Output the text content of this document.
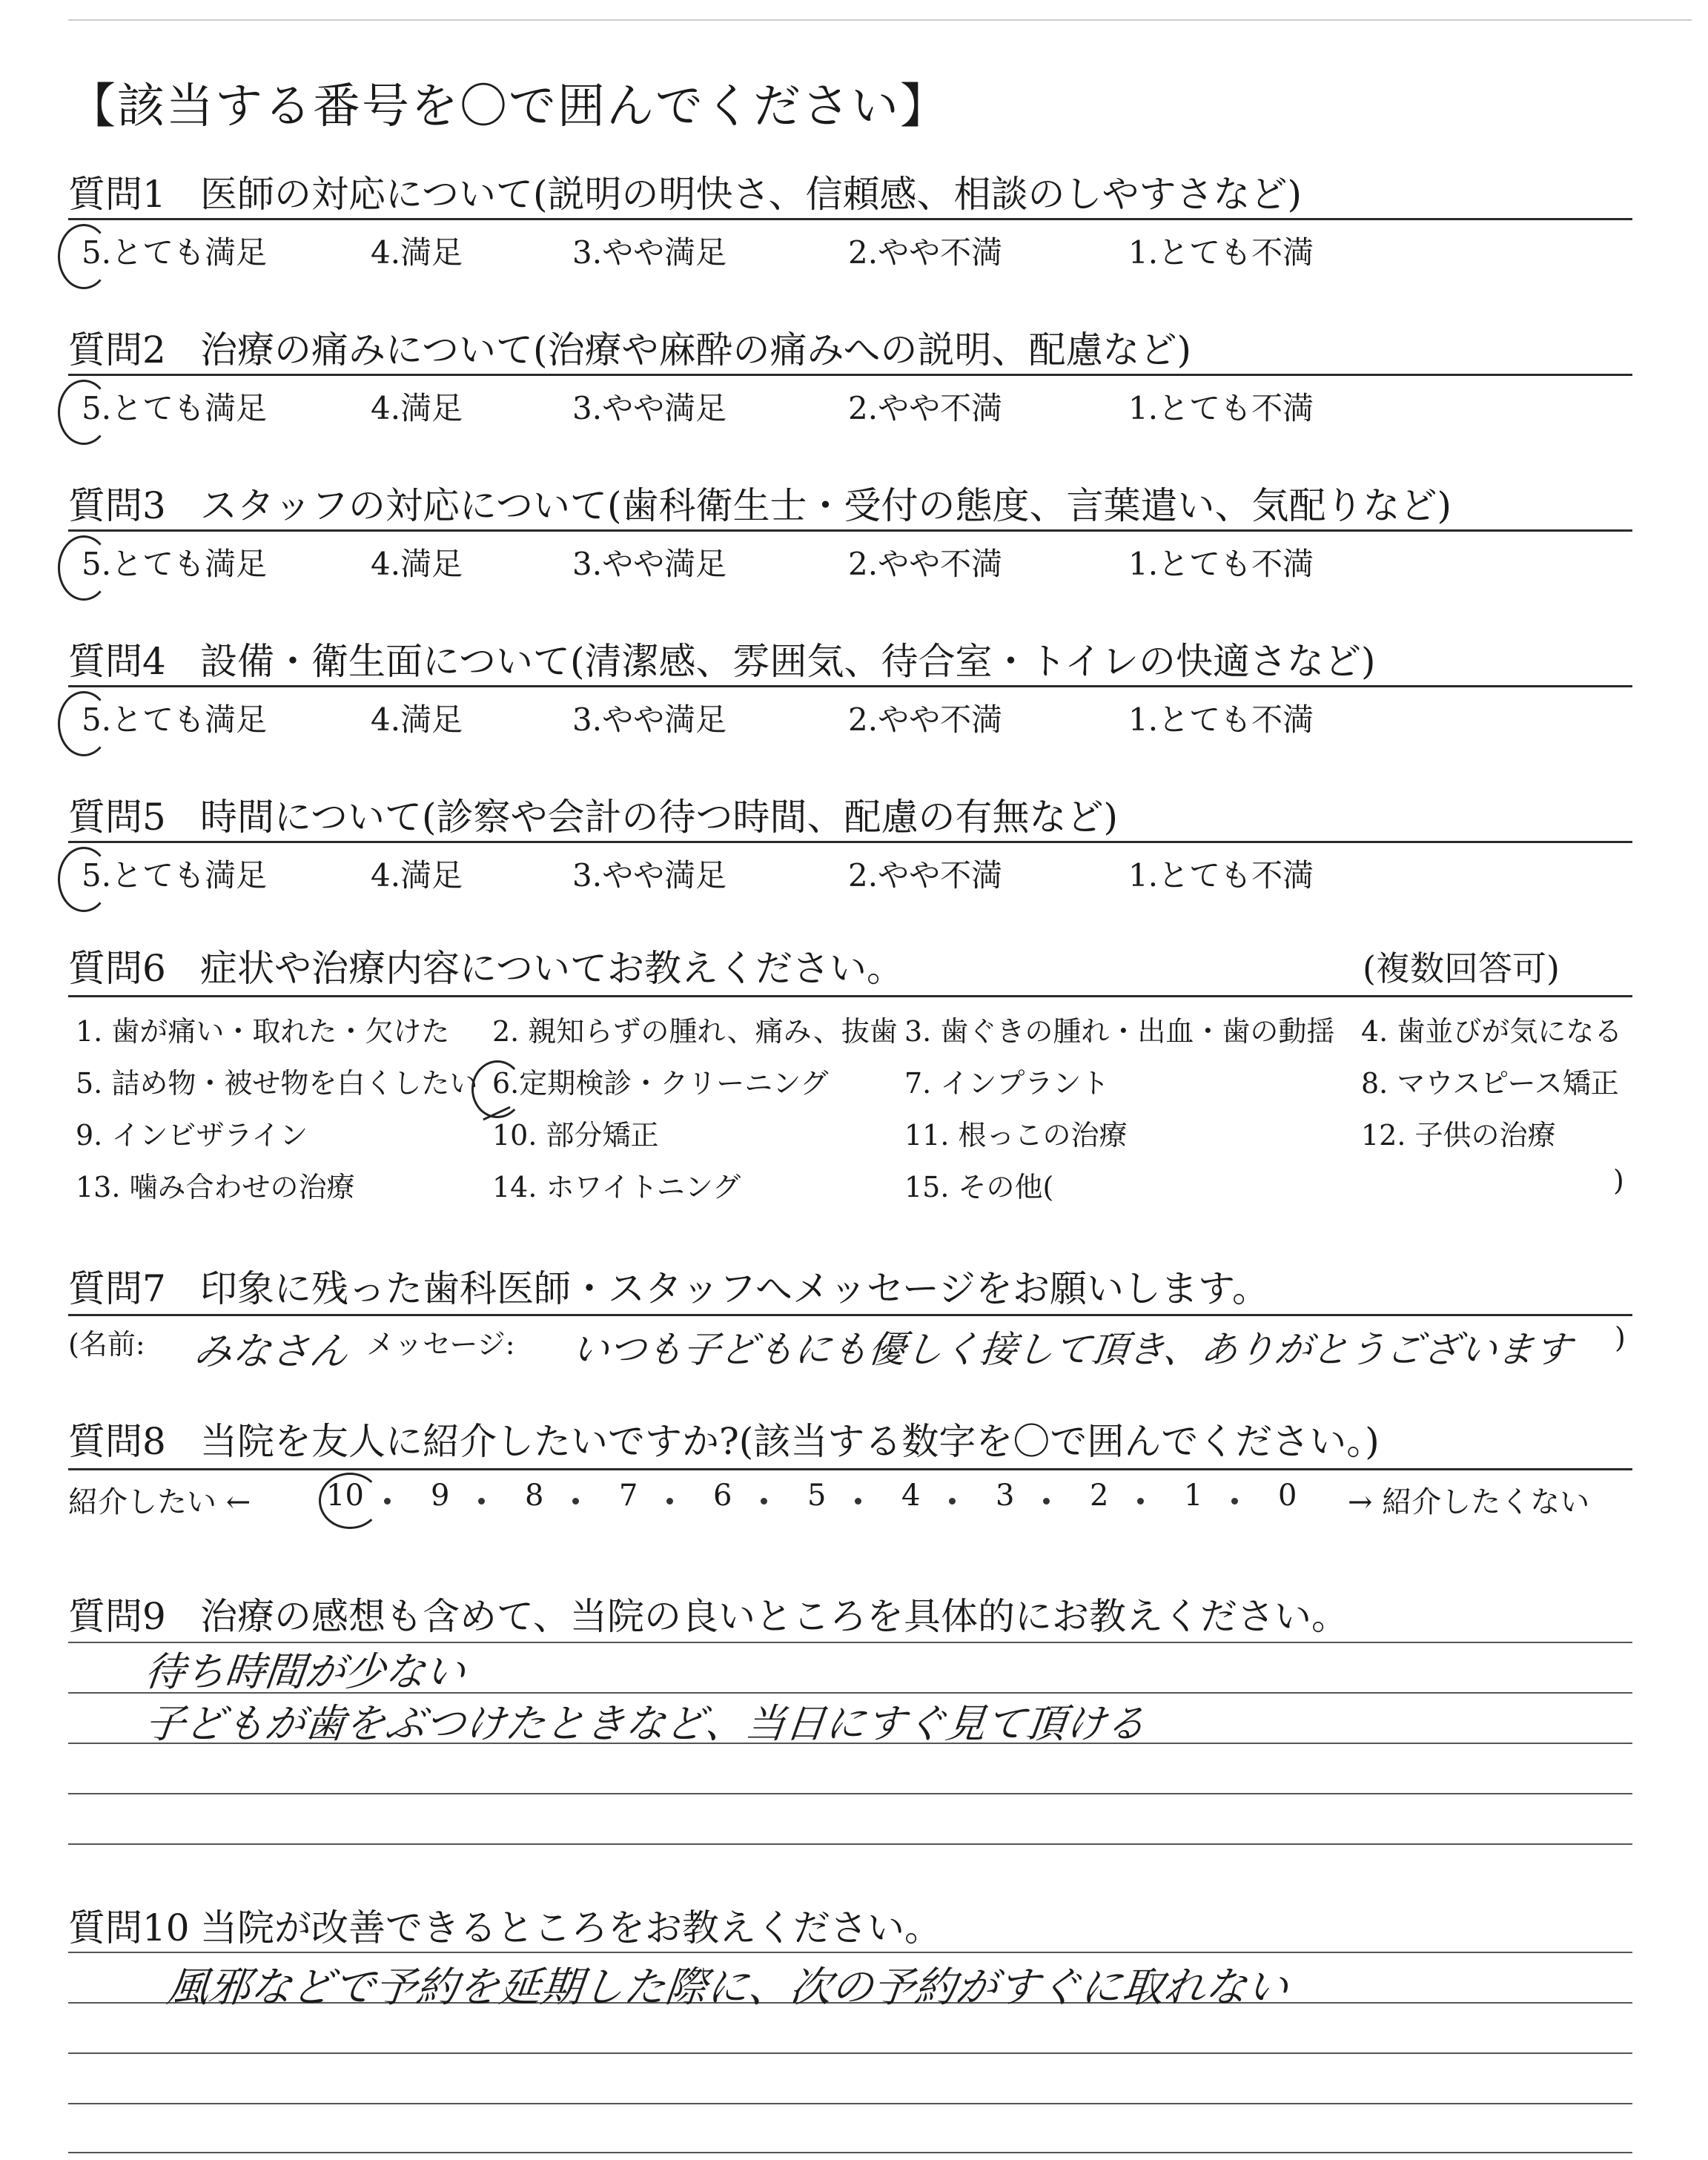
【該当する番号を〇で囲んでください】
質問1 医師の対応について(説明の明快さ、信頼感、相談のしやすさなど)
5.とても満足	4.満足	3.やや満足	2.やや不満	1.とても不満
質問2 治療の痛みについて(治療や麻酔の痛みへの説明、配慮など)
5.とても満足	4.満足	3.やや満足	2.やや不満	1.とても不満
質問3 スタッフの対応について(歯科衛生士・受付の態度、言葉遣い、気配りなど)
5.とても満足	4.満足	3.やや満足	2.やや不満	1.とても不満
質問4 設備・衛生面について(清潔感、雰囲気、待合室・トイレの快適さなど)
5.とても満足	4.満足	3.やや満足	2.やや不満	1.とても不満
質問5 時間について(診察や会計の待つ時間、配慮の有無など)
5.とても満足	4.満足	3.やや満足	2.やや不満	1.とても不満
質問6 症状や治療内容についてお教えください。	(複数回答可)
1. 歯が痛い・取れた・欠けた 2. 親知らずの腫れ、痛み、抜歯 3. 歯ぐきの腫れ・出血・歯の動揺 4. 歯並びが気になる
5. 詰め物・被せ物を白くしたい 6.定期検診・クリーニング	7. インプラント	8. マウスピース矯正
9. インビザライン	10. 部分矯正	11. 根っこの治療	12. 子供の治療
13. 噛み合わせの治療	14. ホワイトニング	15. その他(	)
質問7 印象に残った歯科医師・スタッフへメッセージをお願いします。
(名前: みなさん メッセージ: いつも子どもにも優しく接して頂き、ありがとうございます )
質問8 当院を友人に紹介したいですか?(該当する数字を〇で囲んでください。)
紹介したい ←	10 9	8	7	6	5	4	3	2	1	0 → 紹介したくない
質問9 治療の感想も含めて、当院の良いところを具体的にお教えください。
待ち時間が少ない
子どもが歯をぶつけたときなど、当日にすぐ見て頂ける
質問10 当院が改善できるところをお教えください。
風邪などで予約を延期した際に、次の予約がすぐに取れない
